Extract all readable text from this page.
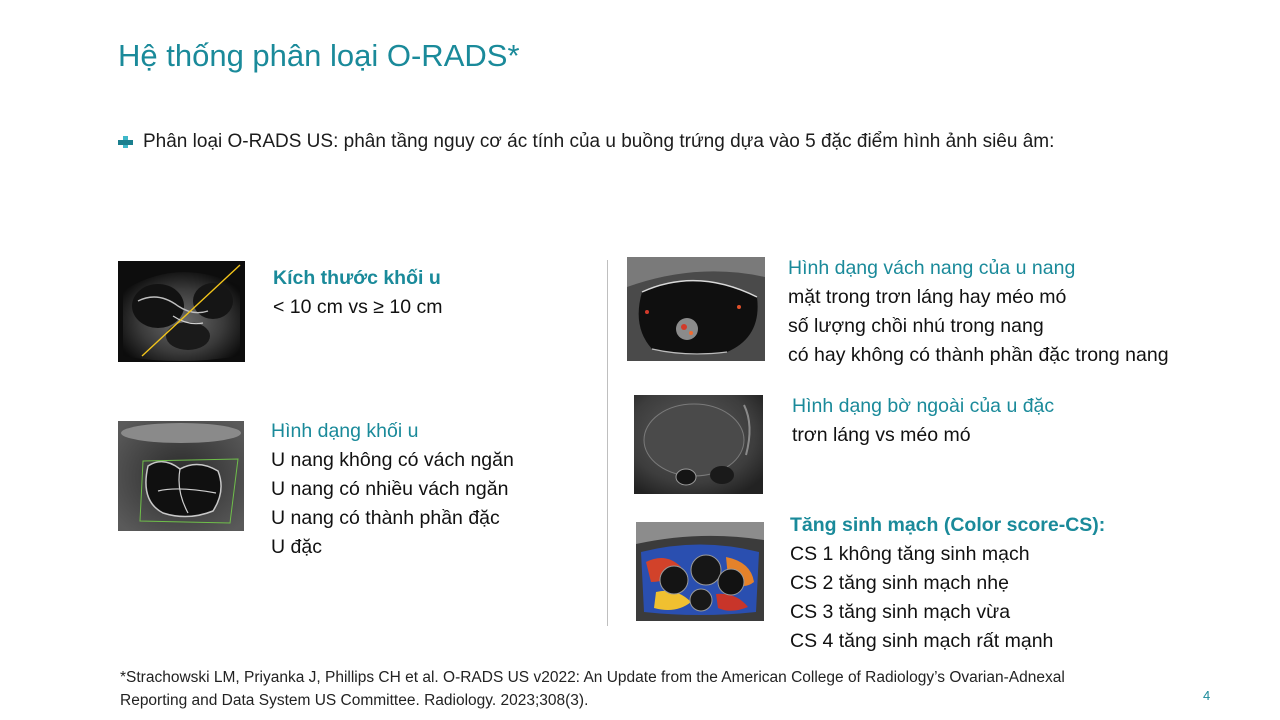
Hệ thống phân loại O-RADS*
Phân loại O-RADS US: phân tầng nguy cơ ác tính của u buồng trứng dựa vào 5 đặc điểm hình ảnh siêu âm:
Kích thước khối u
< 10 cm vs ≥ 10 cm
Hình dạng khối u
U nang không có vách ngăn
U nang có nhiều vách ngăn
U nang có thành phần đặc
U đặc
Hình dạng vách nang của u nang
mặt trong trơn láng hay méo mó
số lượng chồi nhú trong nang
có hay không có thành phần đặc trong nang
Hình dạng bờ ngoài của u đặc
trơn láng vs méo mó
Tăng sinh mạch (Color score-CS):
CS 1 không tăng sinh mạch
CS 2 tăng sinh mạch nhẹ
CS 3 tăng sinh mạch vừa
CS 4 tăng sinh mạch rất mạnh
*Strachowski LM, Priyanka J, Phillips CH et al. O-RADS US v2022: An Update from the American College of Radiology’s Ovarian-Adnexal
Reporting and Data System US Committee. Radiology. 2023;308(3).	4
